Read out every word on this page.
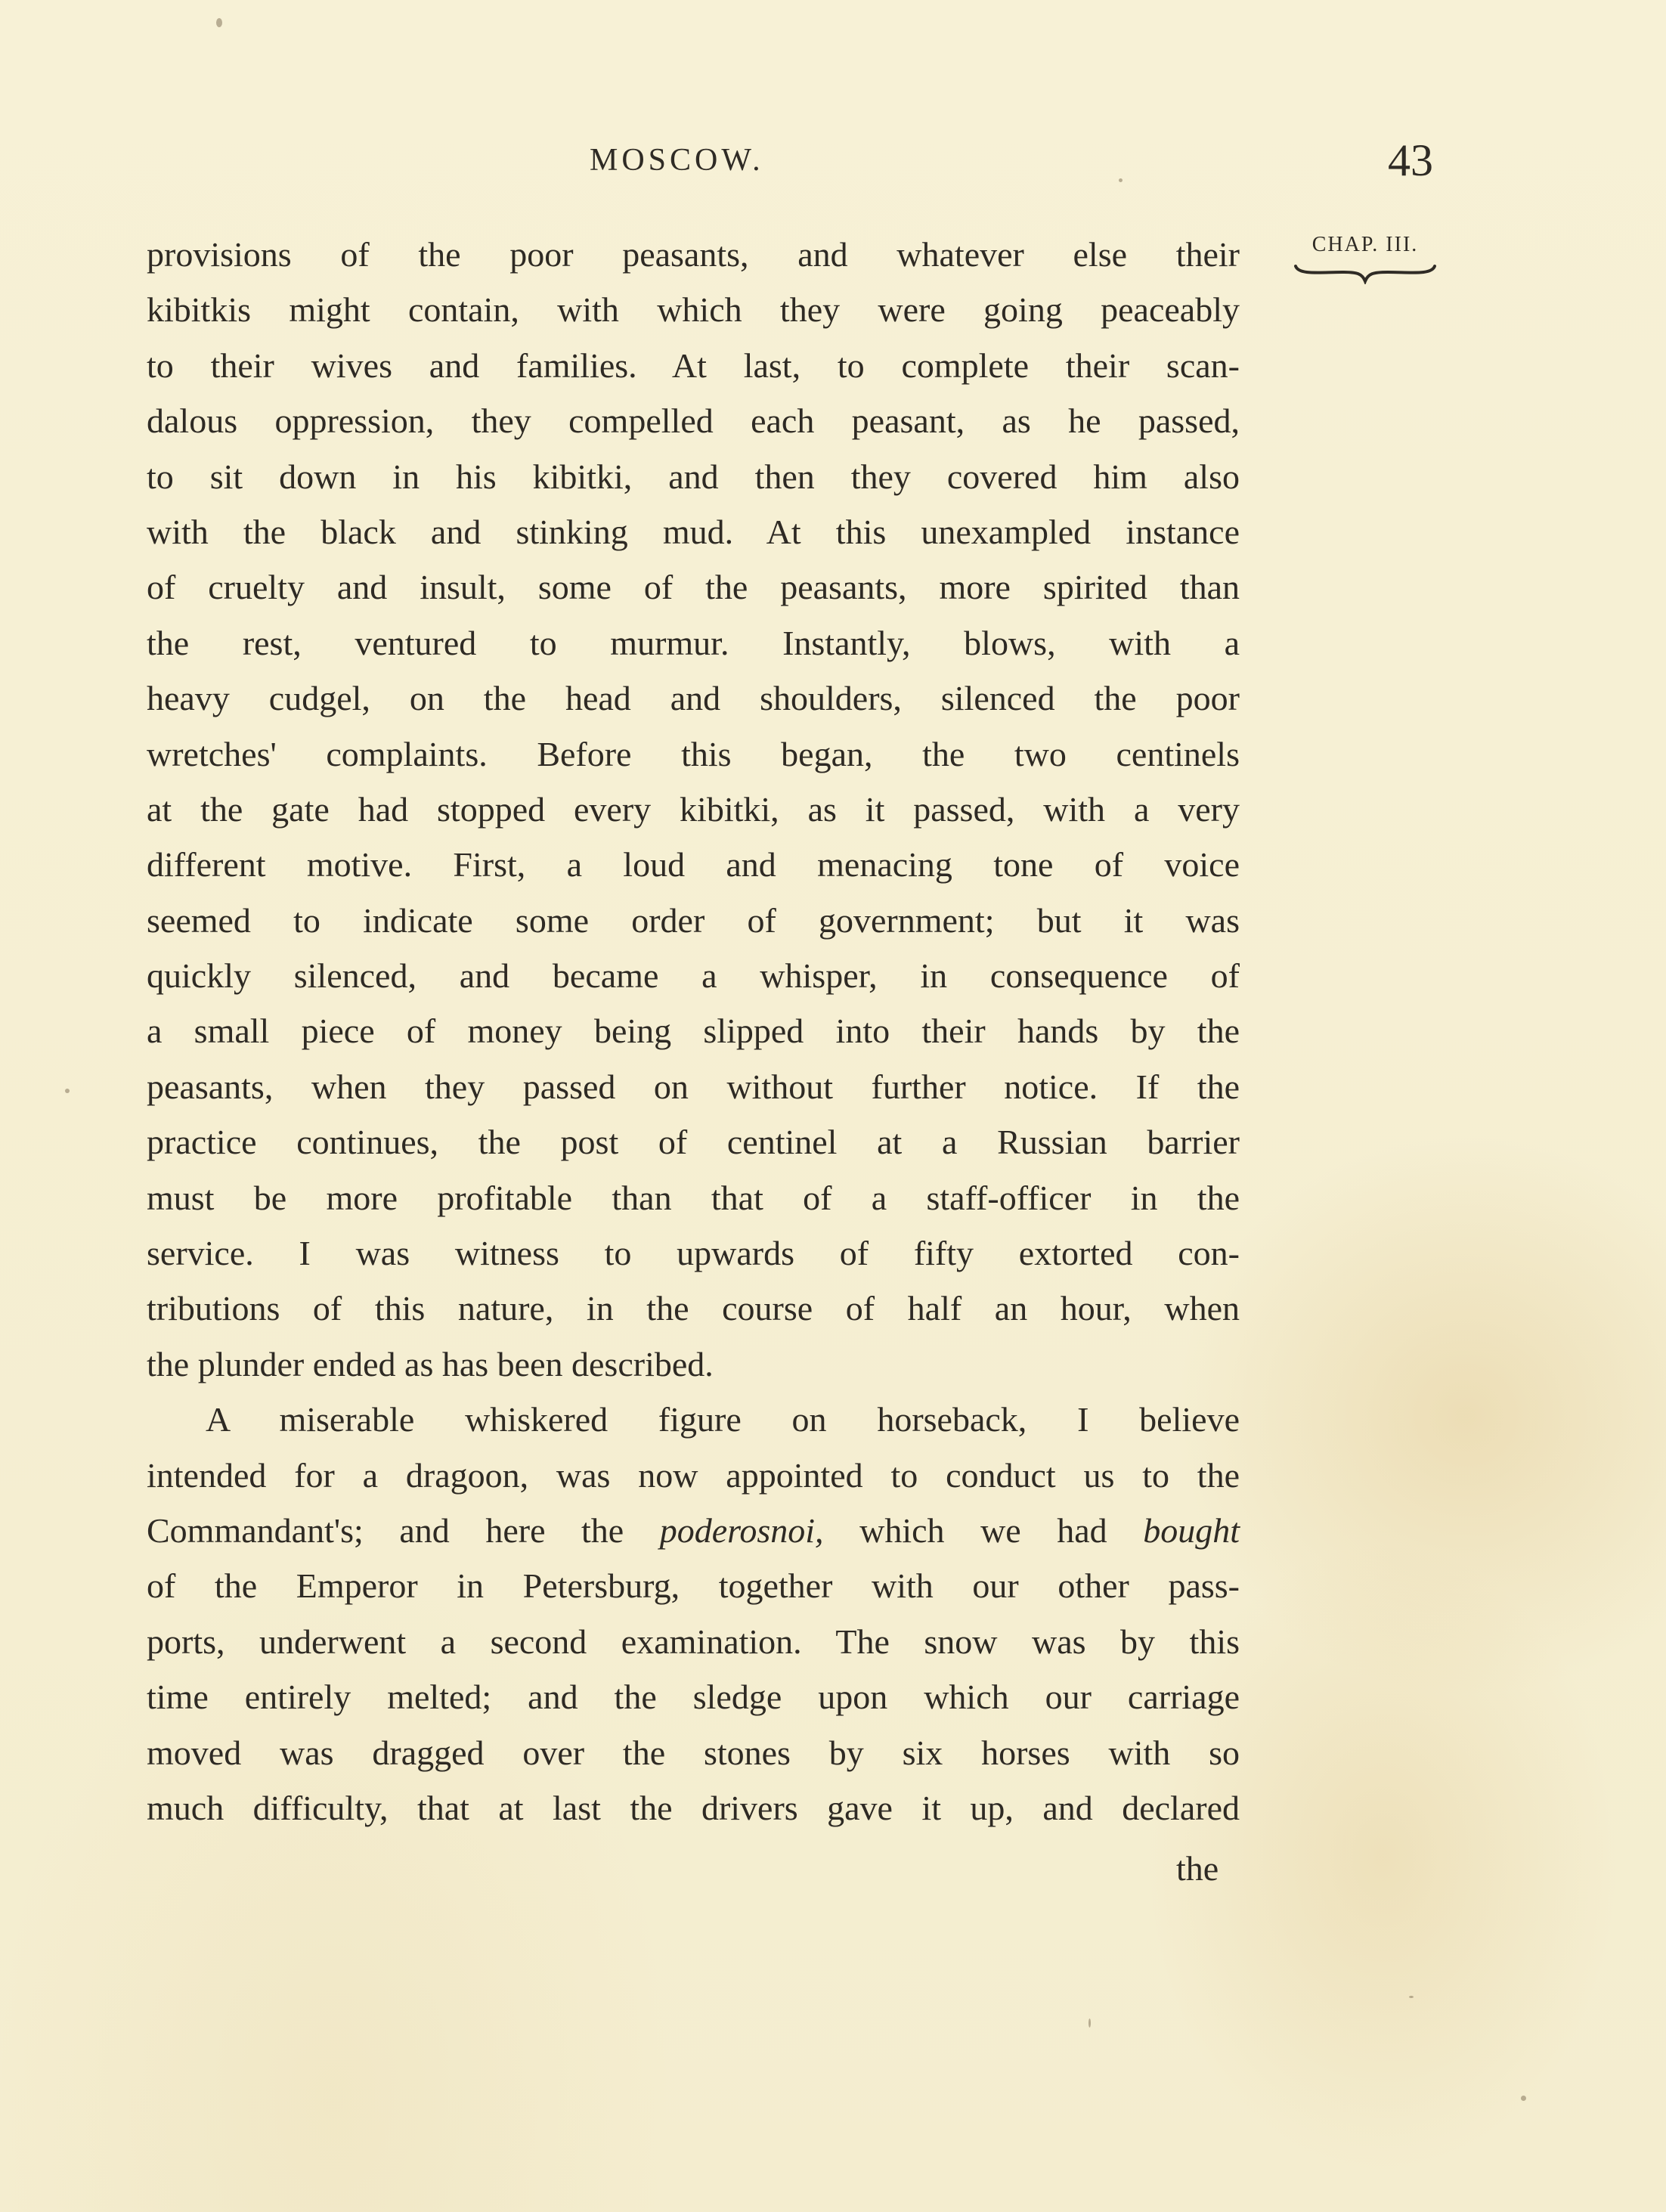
MOSCOW.	43
CHAP. III.
provisions of the poor peasants, and whatever else their
kibitkis might contain, with which they were going peaceably
to their wives and families. At last, to complete their scan-
dalous oppression, they compelled each peasant, as he passed,
to sit down in his kibitki, and then they covered him also
with the black and stinking mud. At this unexampled instance
of cruelty and insult, some of the peasants, more spirited than
the rest, ventured to murmur. Instantly, blows, with a
heavy cudgel, on the head and shoulders, silenced the poor
wretches' complaints. Before this began, the two centinels
at the gate had stopped every kibitki, as it passed, with a very
different motive. First, a loud and menacing tone of voice
seemed to indicate some order of government; but it was
quickly silenced, and became a whisper, in consequence of
a small piece of money being slipped into their hands by the
peasants, when they passed on without further notice. If the
practice continues, the post of centinel at a Russian barrier
must be more profitable than that of a staff-officer in the
service. I was witness to upwards of fifty extorted con-
tributions of this nature, in the course of half an hour, when
the plunder ended as has been described.
A miserable whiskered figure on horseback, I believe
intended for a dragoon, was now appointed to conduct us to the
Commandant's; and here the poderosnoi, which we had bought
of the Emperor in Petersburg, together with our other pass-
ports, underwent a second examination. The snow was by this
time entirely melted; and the sledge upon which our carriage
moved was dragged over the stones by six horses with so
much difficulty, that at last the drivers gave it up, and declared
the
